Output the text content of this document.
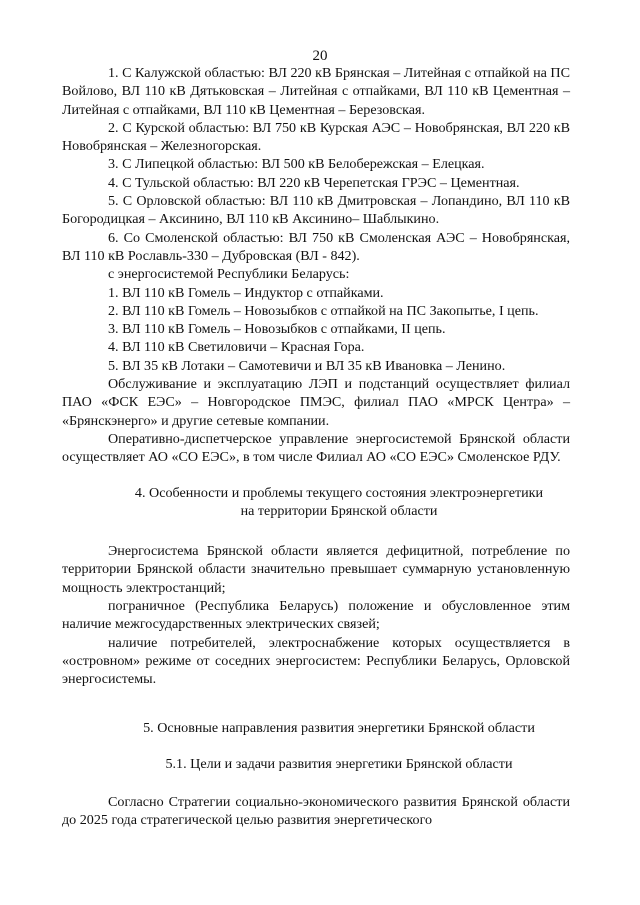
20

1. С Калужской областью: ВЛ 220 кВ Брянская – Литейная с отпайкой на ПС Войлово, ВЛ 110 кВ Дятьковская – Литейная с отпайками, ВЛ 110 кВ Цементная – Литейная с отпайками, ВЛ 110 кВ Цементная – Березовская.

2. С Курской областью: ВЛ 750 кВ Курская АЭС – Новобрянская, ВЛ 220 кВ Новобрянская – Железногорская.

3. С Липецкой областью: ВЛ 500 кВ Белобережская – Елецкая.

4. С Тульской областью: ВЛ 220 кВ Черепетская ГРЭС – Цементная.

5. С Орловской областью: ВЛ 110 кВ Дмитровская – Лопандино, ВЛ 110 кВ Богородицкая – Аксинино, ВЛ 110 кВ Аксинино– Шаблыкино.

6. Со Смоленской областью: ВЛ 750 кВ Смоленская АЭС – Новобрянская, ВЛ 110 кВ Рославль-330 – Дубровская (ВЛ - 842).

с энергосистемой Республики Беларусь:

1. ВЛ 110 кВ Гомель – Индуктор с отпайками.

2. ВЛ 110 кВ Гомель – Новозыбков с отпайкой на ПС Закопытье, I цепь.

3. ВЛ 110 кВ Гомель – Новозыбков с отпайками, II цепь.

4. ВЛ 110 кВ Светиловичи – Красная Гора.

5. ВЛ 35 кВ Лотаки – Самотевичи и ВЛ 35 кВ Ивановка – Ленино.

Обслуживание и эксплуатацию ЛЭП и подстанций осуществляет филиал ПАО «ФСК ЕЭС» – Новгородское ПМЭС, филиал ПАО «МРСК Центра» – «Брянскэнерго» и другие сетевые компании.

Оперативно-диспетчерское управление энергосистемой Брянской области осуществляет АО «СО ЕЭС», в том числе Филиал АО «СО ЕЭС» Смоленское РДУ.

4. Особенности и проблемы текущего состояния электроэнергетики

на территории Брянской области

Энергосистема Брянской области является дефицитной, потребление по территории Брянской области значительно превышает суммарную установленную мощность электростанций;

пограничное (Республика Беларусь) положение и обусловленное этим наличие межгосударственных электрических связей;

наличие потребителей, электроснабжение которых осуществляется в «островном» режиме от соседних энергосистем: Республики Беларусь, Орловской энергосистемы.

5. Основные направления развития энергетики Брянской области

5.1. Цели и задачи развития энергетики Брянской области

Согласно Стратегии социально-экономического развития Брянской области до 2025 года стратегической целью развития энергетического
